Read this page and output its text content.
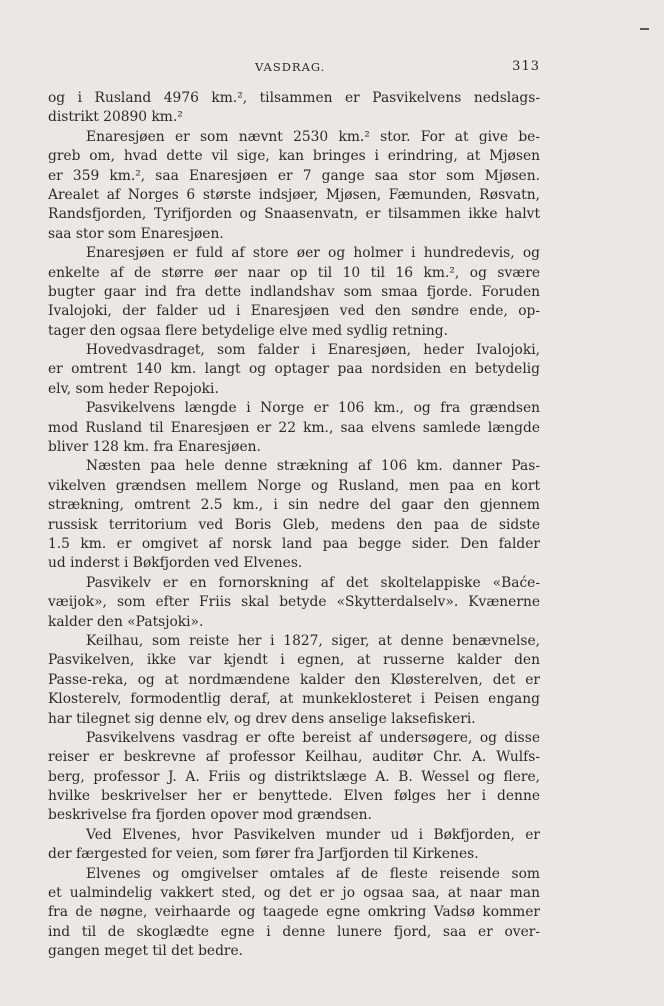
VASDRAG.	313
og i Rusland 4976 km.², tilsammen er Pasvikelvens nedslags-
distrikt 20890 km.²
Enaresjøen er som nævnt 2530 km.² stor. For at give be-
greb om, hvad dette vil sige, kan bringes i erindring, at Mjøsen
er 359 km.², saa Enaresjøen er 7 gange saa stor som Mjøsen.
Arealet af Norges 6 største indsjøer, Mjøsen, Fæmunden, Røsvatn,
Randsfjorden, Tyrifjorden og Snaasenvatn, er tilsammen ikke halvt
saa stor som Enaresjøen.
Enaresjøen er fuld af store øer og holmer i hundredevis, og
enkelte af de større øer naar op til 10 til 16 km.², og svære
bugter gaar ind fra dette indlandshav som smaa fjorde. Foruden
Ivalojoki, der falder ud i Enaresjøen ved den søndre ende, op-
tager den ogsaa flere betydelige elve med sydlig retning.
Hovedvasdraget, som falder i Enaresjøen, heder Ivalojoki,
er omtrent 140 km. langt og optager paa nordsiden en betydelig
elv, som heder Repojoki.
Pasvikelvens længde i Norge er 106 km., og fra grændsen
mod Rusland til Enaresjøen er 22 km., saa elvens samlede længde
bliver 128 km. fra Enaresjøen.
Næsten paa hele denne strækning af 106 km. danner Pas-
vikelven grændsen mellem Norge og Rusland, men paa en kort
strækning, omtrent 2.5 km., i sin nedre del gaar den gjennem
russisk territorium ved Boris Gleb, medens den paa de sidste
1.5 km. er omgivet af norsk land paa begge sider. Den falder
ud inderst i Bøkfjorden ved Elvenes.
Pasvikelv er en fornorskning af det skoltelappiske «Baće-
væijok», som efter Friis skal betyde «Skytterdalselv». Kvænerne
kalder den «Patsjoki».
Keilhau, som reiste her i 1827, siger, at denne benævnelse,
Pasvikelven, ikke var kjendt i egnen, at russerne kalder den
Passe-reka, og at nordmændene kalder den Kløsterelven, det er
Klosterelv, formodentlig deraf, at munkeklosteret i Peisen engang
har tilegnet sig denne elv, og drev dens anselige laksefiskeri.
Pasvikelvens vasdrag er ofte bereist af undersøgere, og disse
reiser er beskrevne af professor Keilhau, auditør Chr. A. Wulfs-
berg, professor J. A. Friis og distriktslæge A. B. Wessel og flere,
hvilke beskrivelser her er benyttede. Elven følges her i denne
beskrivelse fra fjorden opover mod grændsen.
Ved Elvenes, hvor Pasvikelven munder ud i Bøkfjorden, er
der færgested for veien, som fører fra Jarfjorden til Kirkenes.
Elvenes og omgivelser omtales af de fleste reisende som
et ualmindelig vakkert sted, og det er jo ogsaa saa, at naar man
fra de nøgne, veirhaarde og taagede egne omkring Vadsø kommer
ind til de skoglædte egne i denne lunere fjord, saa er over-
gangen meget til det bedre.
